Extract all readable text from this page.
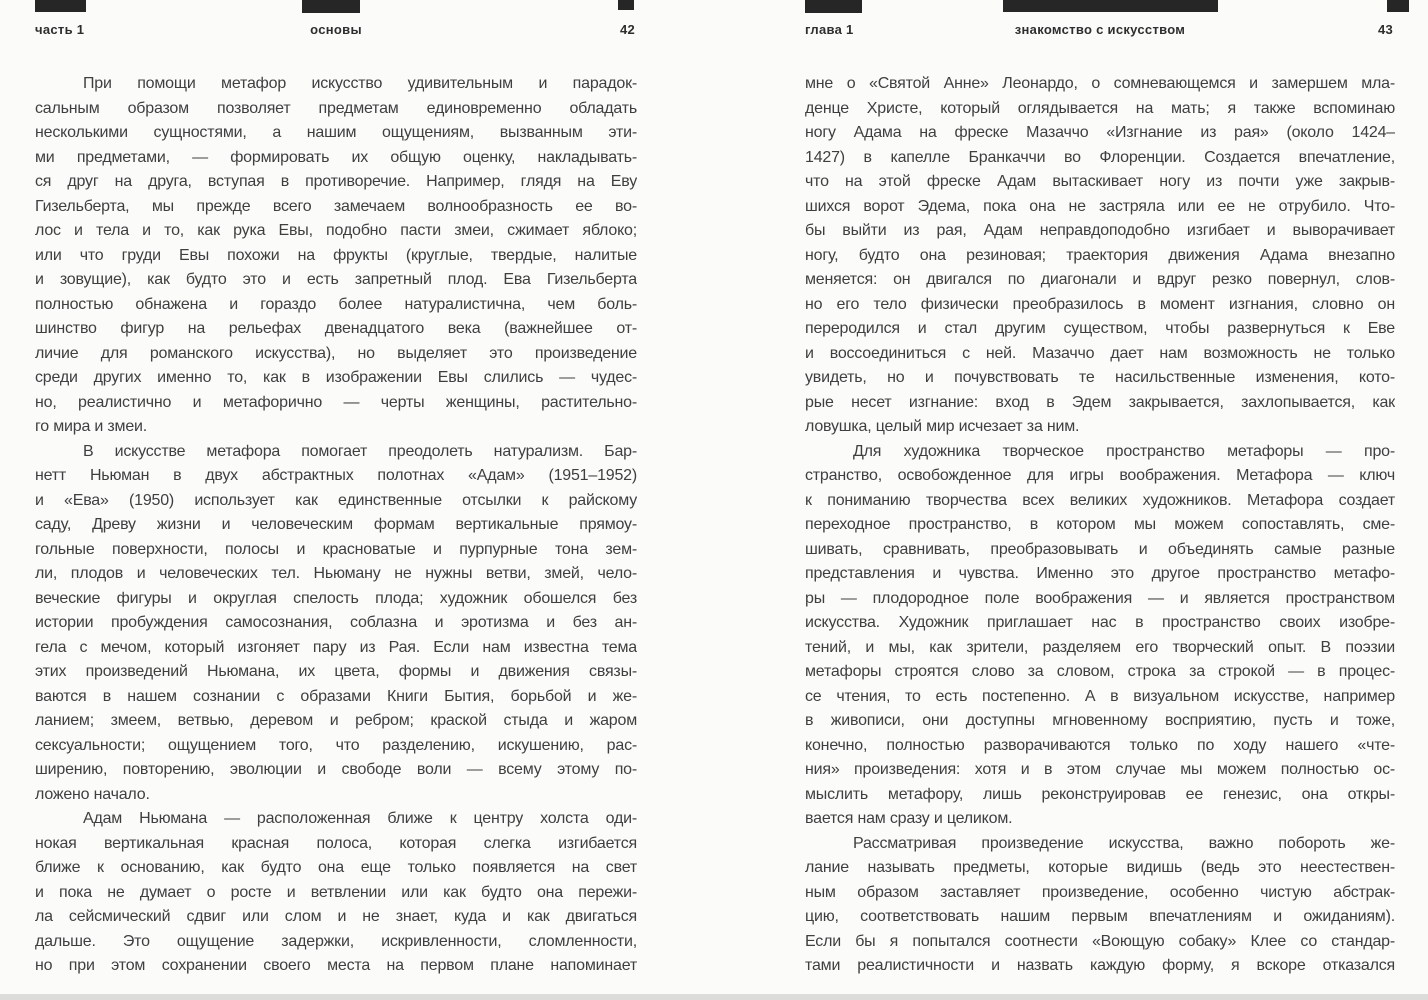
часть 1	основы	42
При помощи метафор искусство удивительным и парадок-
сальным образом позволяет предметам единовременно обладать
несколькими сущностями, а нашим ощущениям, вызванным эти-
ми предметами, — формировать их общую оценку, накладывать-
ся друг на друга, вступая в противоречие. Например, глядя на Еву
Гизельберта, мы прежде всего замечаем волнообразность ее во-
лос и тела и то, как рука Евы, подобно пасти змеи, сжимает яблоко;
или что груди Евы похожи на фрукты (круглые, твердые, налитые
и зовущие), как будто это и есть запретный плод. Ева Гизельберта
полностью обнажена и гораздо более натуралистична, чем боль-
шинство фигур на рельефах двенадцатого века (важнейшее от-
личие для романского искусства), но выделяет это произведение
среди других именно то, как в изображении Евы слились — чудес-
но, реалистично и метафорично — черты женщины, растительно-
го мира и змеи.
В искусстве метафора помогает преодолеть натурализм. Бар-
нетт Ньюман в двух абстрактных полотнах «Адам» (1951–1952)
и «Ева» (1950) использует как единственные отсылки к райскому
саду, Древу жизни и человеческим формам вертикальные прямоу-
гольные поверхности, полосы и красноватые и пурпурные тона зем-
ли, плодов и человеческих тел. Ньюману не нужны ветви, змей, чело-
веческие фигуры и округлая спелость плода; художник обошелся без
истории пробуждения самосознания, соблазна и эротизма и без ан-
гела с мечом, который изгоняет пару из Рая. Если нам известна тема
этих произведений Ньюмана, их цвета, формы и движения связы-
ваются в нашем сознании с образами Книги Бытия, борьбой и же-
ланием; змеем, ветвью, деревом и ребром; краской стыда и жаром
сексуальности; ощущением того, что разделению, искушению, рас-
ширению, повторению, эволюции и свободе воли — всему этому по-
ложено начало.
Адам Ньюмана — расположенная ближе к центру холста оди-
нокая вертикальная красная полоса, которая слегка изгибается
ближе к основанию, как будто она еще только появляется на свет
и пока не думает о росте и ветвлении или как будто она пережи-
ла сейсмический сдвиг или слом и не знает, куда и как двигаться
дальше. Это ощущение задержки, искривленности, сломленности,
но при этом сохранении своего места на первом плане напоминает
глава 1	знакомство с искусством	43
мне о «Святой Анне» Леонардо, о сомневающемся и замершем мла-
денце Христе, который оглядывается на мать; я также вспоминаю
ногу Адама на фреске Мазаччо «Изгнание из рая» (около 1424–
1427) в капелле Бранкаччи во Флоренции. Создается впечатление,
что на этой фреске Адам вытаскивает ногу из почти уже закрыв-
шихся ворот Эдема, пока она не застряла или ее не отрубило. Что-
бы выйти из рая, Адам неправдоподобно изгибает и выворачивает
ногу, будто она резиновая; траектория движения Адама внезапно
меняется: он двигался по диагонали и вдруг резко повернул, слов-
но его тело физически преобразилось в момент изгнания, словно он
переродился и стал другим существом, чтобы развернуться к Еве
и воссоединиться с ней. Мазаччо дает нам возможность не только
увидеть, но и почувствовать те насильственные изменения, кото-
рые несет изгнание: вход в Эдем закрывается, захлопывается, как
ловушка, целый мир исчезает за ним.
Для художника творческое пространство метафоры — про-
странство, освобожденное для игры воображения. Метафора — ключ
к пониманию творчества всех великих художников. Метафора создает
переходное пространство, в котором мы можем сопоставлять, сме-
шивать, сравнивать, преобразовывать и объединять самые разные
представления и чувства. Именно это другое пространство метафо-
ры — плодородное поле воображения — и является пространством
искусства. Художник приглашает нас в пространство своих изобре-
тений, и мы, как зрители, разделяем его творческий опыт. В поэзии
метафоры строятся слово за словом, строка за строкой — в процес-
се чтения, то есть постепенно. А в визуальном искусстве, например
в живописи, они доступны мгновенному восприятию, пусть и тоже,
конечно, полностью разворачиваются только по ходу нашего «чте-
ния» произведения: хотя и в этом случае мы можем полностью ос-
мыслить метафору, лишь реконструировав ее генезис, она откры-
вается нам сразу и целиком.
Рассматривая произведение искусства, важно побороть же-
лание называть предметы, которые видишь (ведь это неестествен-
ным образом заставляет произведение, особенно чистую абстрак-
цию, соответствовать нашим первым впечатлениям и ожиданиям).
Если бы я попытался соотнести «Воющую собаку» Клее со стандар-
тами реалистичности и назвать каждую форму, я вскоре отказался
